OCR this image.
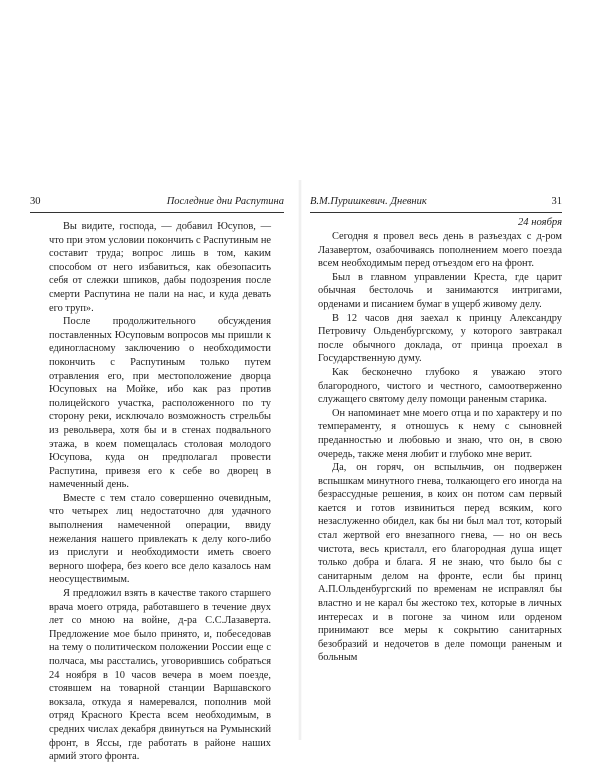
30	Последние дни Распутина

Вы видите, господа, — добавил Юсупов, — что при этом условии покончить с Распутиным не составит труда; вопрос лишь в том, каким способом от него избавиться, как обезопасить себя от слежки шпиков, дабы подозрения после смерти Распутина не пали на нас, и куда девать его труп».

После продолжительного обсуждения поставленных Юсуповым вопросов мы пришли к единогласному заключению о необходимости покончить с Распутиным только путем отравления его, при местоположение дворца Юсуповых на Мойке, ибо как раз против полицейского участка, расположенного по ту сторону реки, исключало возможность стрельбы из револьвера, хотя бы и в стенах подвального этажа, в коем помещалась столовая молодого Юсупова, куда он предполагал провести Распутина, привезя его к себе во дворец в намеченный день.

Вместе с тем стало совершенно очевидным, что четырех лиц недостаточно для удачного выполнения намеченной операции, ввиду нежелания нашего привлекать к делу кого-либо из прислуги и необходимости иметь своего верного шофера, без коего все дело казалось нам неосуществимым.

Я предложил взять в качестве такого старшего врача моего отряда, работавшего в течение двух лет со мною на войне, д-ра С.С.Лазаверта. Предложение мое было принято, и, побеседовав на тему о политическом положении России еще с полчаса, мы расстались, уговорившись собраться 24 ноября в 10 часов вечера в моем поезде, стоявшем на товарной станции Варшавского вокзала, откуда я намеревался, пополнив мой отряд Красного Креста всем необходимым, в средних числах декабря двинуться на Румынский фронт, в Яссы, где работать в районе наших армий этого фронта.

В.М.Пуришкевич. Дневник	31
24 ноября

Сегодня я провел весь день в разъездах с д-ром Лазавертом, озабочиваясь пополнением моего поезда всем необходимым перед отъездом его на фронт.

Был в главном управлении Креста, где царит обычная бестолочь и занимаются интригами, орденами и писанием бумаг в ущерб живому делу.

В 12 часов дня заехал к принцу Александру Петровичу Ольденбургскому, у которого завтракал после обычного доклада, от принца проехал в Государственную думу.

Как бесконечно глубоко я уважаю этого благородного, чистого и честного, самоотверженно служащего святому делу помощи раненым старика.

Он напоминает мне моего отца и по характеру и по темпераменту, я отношусь к нему с сыновней преданностью и любовью и знаю, что он, в свою очередь, также меня любит и глубоко мне верит.

Да, он горяч, он вспыльчив, он подвержен вспышкам минутного гнева, толкающего его иногда на безрассудные решения, в коих он потом сам первый кается и готов извиниться перед всяким, кого незаслуженно обидел, как бы ни был мал тот, который стал жертвой его внезапного гнева, — но он весь чистота, весь кристалл, его благородная душа ищет только добра и блага. Я не знаю, что было бы с санитарным делом на фронте, если бы принц А.П.Ольденбургский по временам не исправлял бы властно и не карал бы жестоко тех, которые в личных интересах и в погоне за чином или орденом принимают все меры к сокрытию санитарных безобразий и недочетов в деле помощи раненым и больным
